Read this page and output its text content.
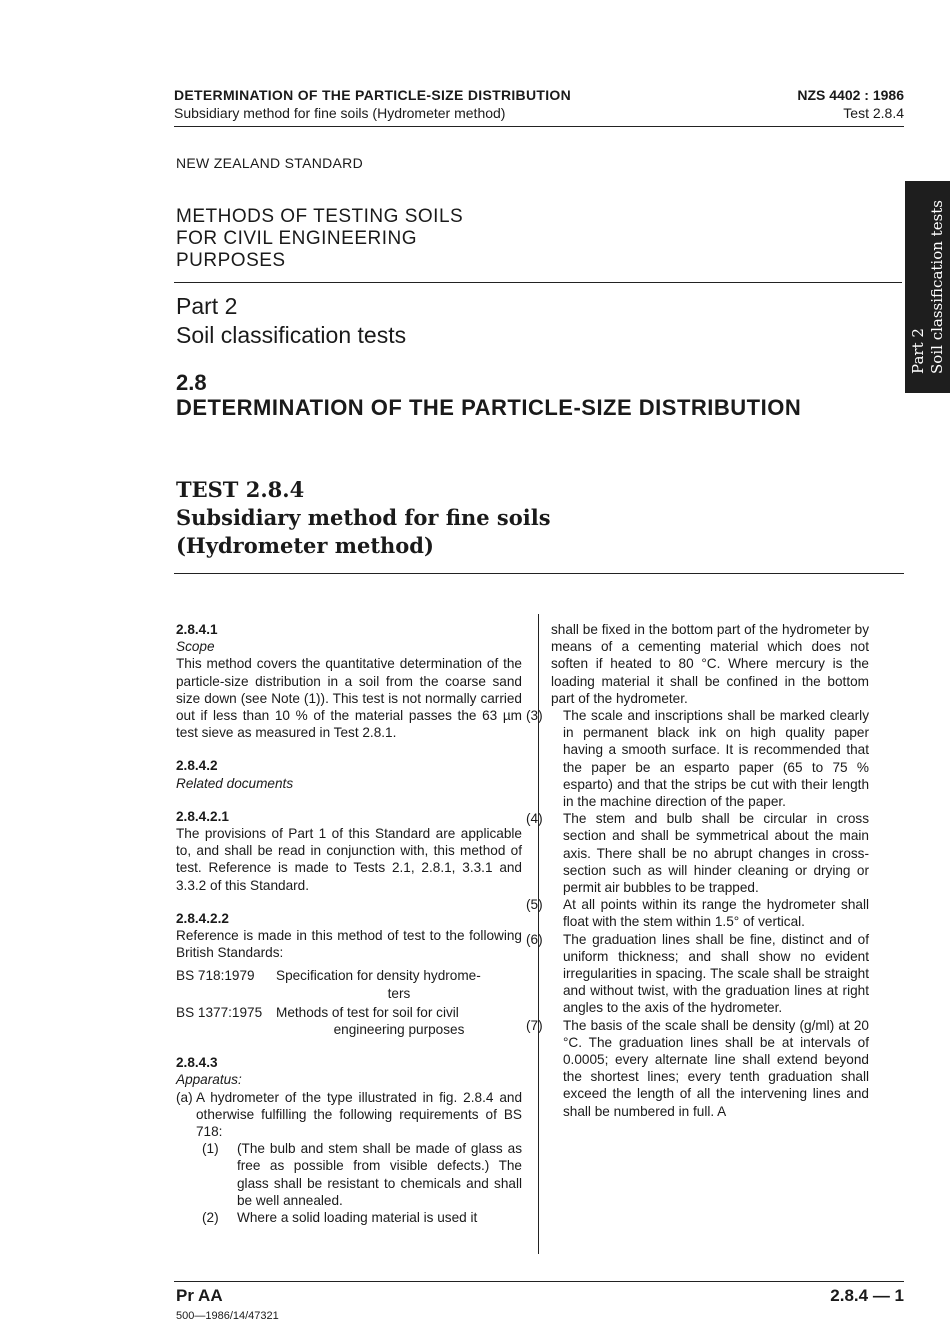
DETERMINATION OF THE PARTICLE-SIZE DISTRIBUTION
Subsidiary method for fine soils (Hydrometer method)
NZS 4402 : 1986
Test 2.8.4
Part 2
Soil classification tests
NEW ZEALAND STANDARD
METHODS OF TESTING SOILS
FOR CIVIL ENGINEERING
PURPOSES
Part 2
Soil classification tests
2.8
DETERMINATION OF THE PARTICLE-SIZE DISTRIBUTION
TEST 2.8.4
Subsidiary method for fine soils
(Hydrometer method)

2.8.4.1

Scope

This method covers the quantitative determination of the particle-size distribution in a soil from the coarse sand size down (see Note (1)). This test is not normally carried out if less than 10 % of the material passes the 63 µm test sieve as measured in Test 2.8.1.

2.8.4.2

Related documents

2.8.4.2.1

The provisions of Part 1 of this Standard are applicable to, and shall be read in conjunction with, this method of test. Reference is made to Tests 2.1, 2.8.1, 3.3.1 and 3.3.2 of this Standard.

2.8.4.2.2

Reference is made in this method of test to the following British Standards:

BS 718:1979	Specification for density hydrome-
ters
BS 1377:1975	Methods of test for soil for civil
engineering purposes

2.8.4.3

Apparatus:

(a) A hydrometer of the type illustrated in fig. 2.8.4 and otherwise fulfilling the following requirements of BS 718:
(1)	(The bulb and stem shall be made of glass as free as possible from visible defects.) The glass shall be resistant to chemicals and shall be well annealed.
(2)	Where a solid loading material is used it

shall be fixed in the bottom part of the hydrometer by means of a cementing material which does not soften if heated to 80 °C. Where mercury is the loading material it shall be confined in the bottom part of the hydrometer.

(3)	The scale and inscriptions shall be marked clearly in permanent black ink on high quality paper having a smooth surface. It is recommended that the paper be an esparto paper (65 to 75 % esparto) and that the strips be cut with their length in the machine direction of the paper.
(4)	The stem and bulb shall be circular in cross section and shall be symmetrical about the main axis. There shall be no abrupt changes in cross-section such as will hinder cleaning or drying or permit air bubbles to be trapped.
(5)	At all points within its range the hydrometer shall float with the stem within 1.5° of vertical.
(6)	The graduation lines shall be fine, distinct and of uniform thickness; and shall show no evident irregularities in spacing. The scale shall be straight and without twist, with the graduation lines at right angles to the axis of the hydrometer.
(7)	The basis of the scale shall be density (g/ml) at 20 °C. The graduation lines shall be at intervals of 0.0005; every alternate line shall extend beyond the shortest lines; every tenth graduation shall exceed the length of all the intervening lines and shall be numbered in full. A
Pr AA
500—1986/14/47321
2.8.4 — 1
